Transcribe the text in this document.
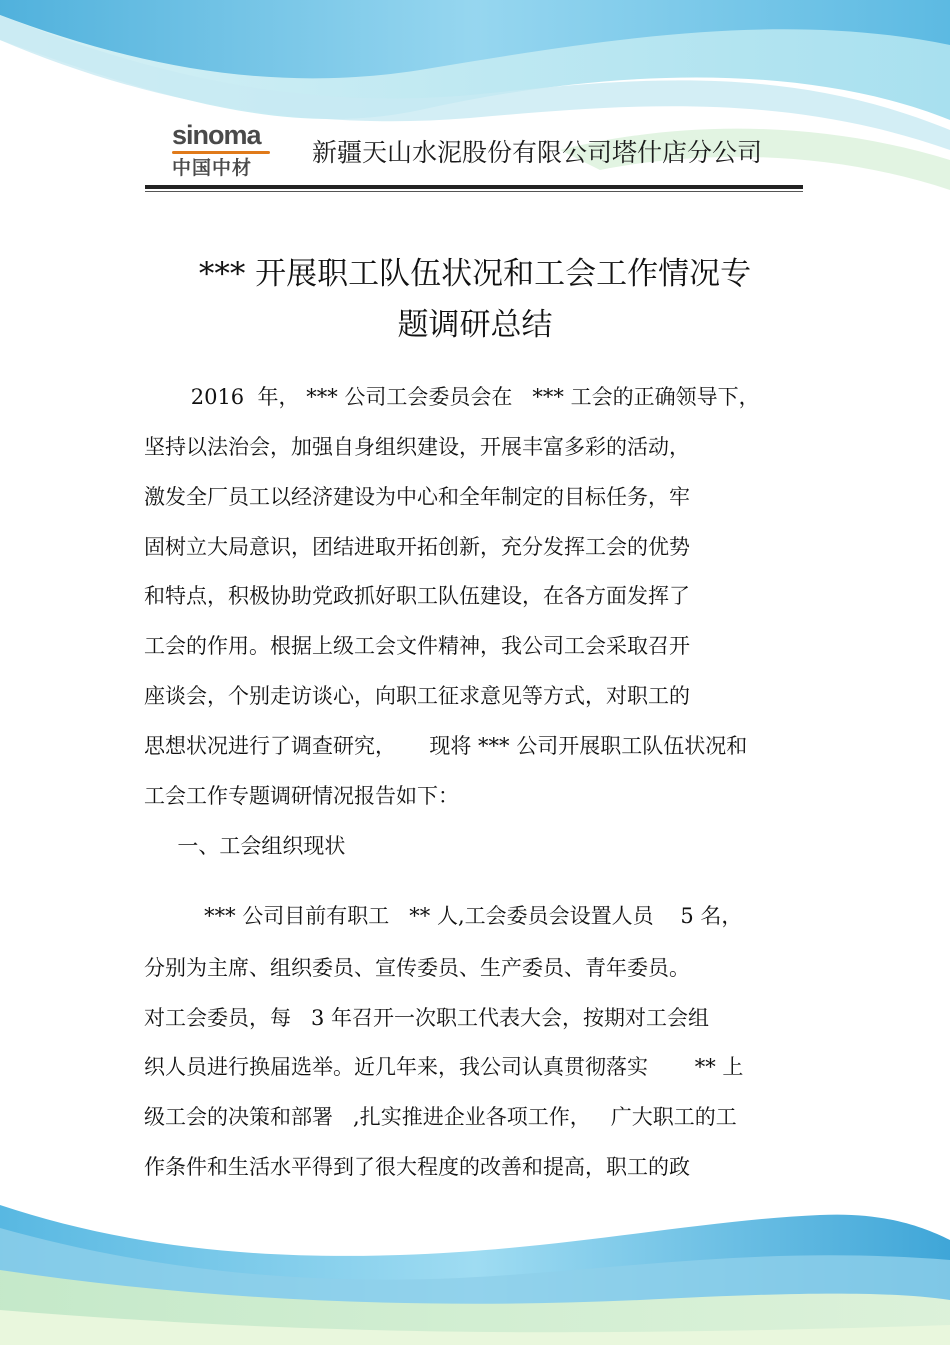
sinoma
中国中材
新疆天山水泥股份有限公司塔什店分公司
*** 开展职工队伍状况和工会工作情况专
题调研总结
2016  年， *** 公司工会委员会在   *** 工会的正确领导下，
坚持以法治会，加强自身组织建设，开展丰富多彩的活动，
激发全厂员工以经济建设为中心和全年制定的目标任务，牢
固树立大局意识，团结进取开拓创新，充分发挥工会的优势
和特点，积极协助党政抓好职工队伍建设，在各方面发挥了
工会的作用。根据上级工会文件精神，我公司工会采取召开
座谈会，个别走访谈心，向职工征求意见等方式，对职工的
思想状况进行了调查研究，     现将 *** 公司开展职工队伍状况和
工会工作专题调研情况报告如下：
一、工会组织现状
*** 公司目前有职工   ** 人,工会委员会设置人员    5 名，
分别为主席、组织委员、宣传委员、生产委员、青年委员。
对工会委员，每   3 年召开一次职工代表大会，按期对工会组
织人员进行换届选举。近几年来，我公司认真贯彻落实       ** 上
级工会的决策和部署   ,扎实推进企业各项工作，   广大职工的工
作条件和生活水平得到了很大程度的改善和提高，职工的政
